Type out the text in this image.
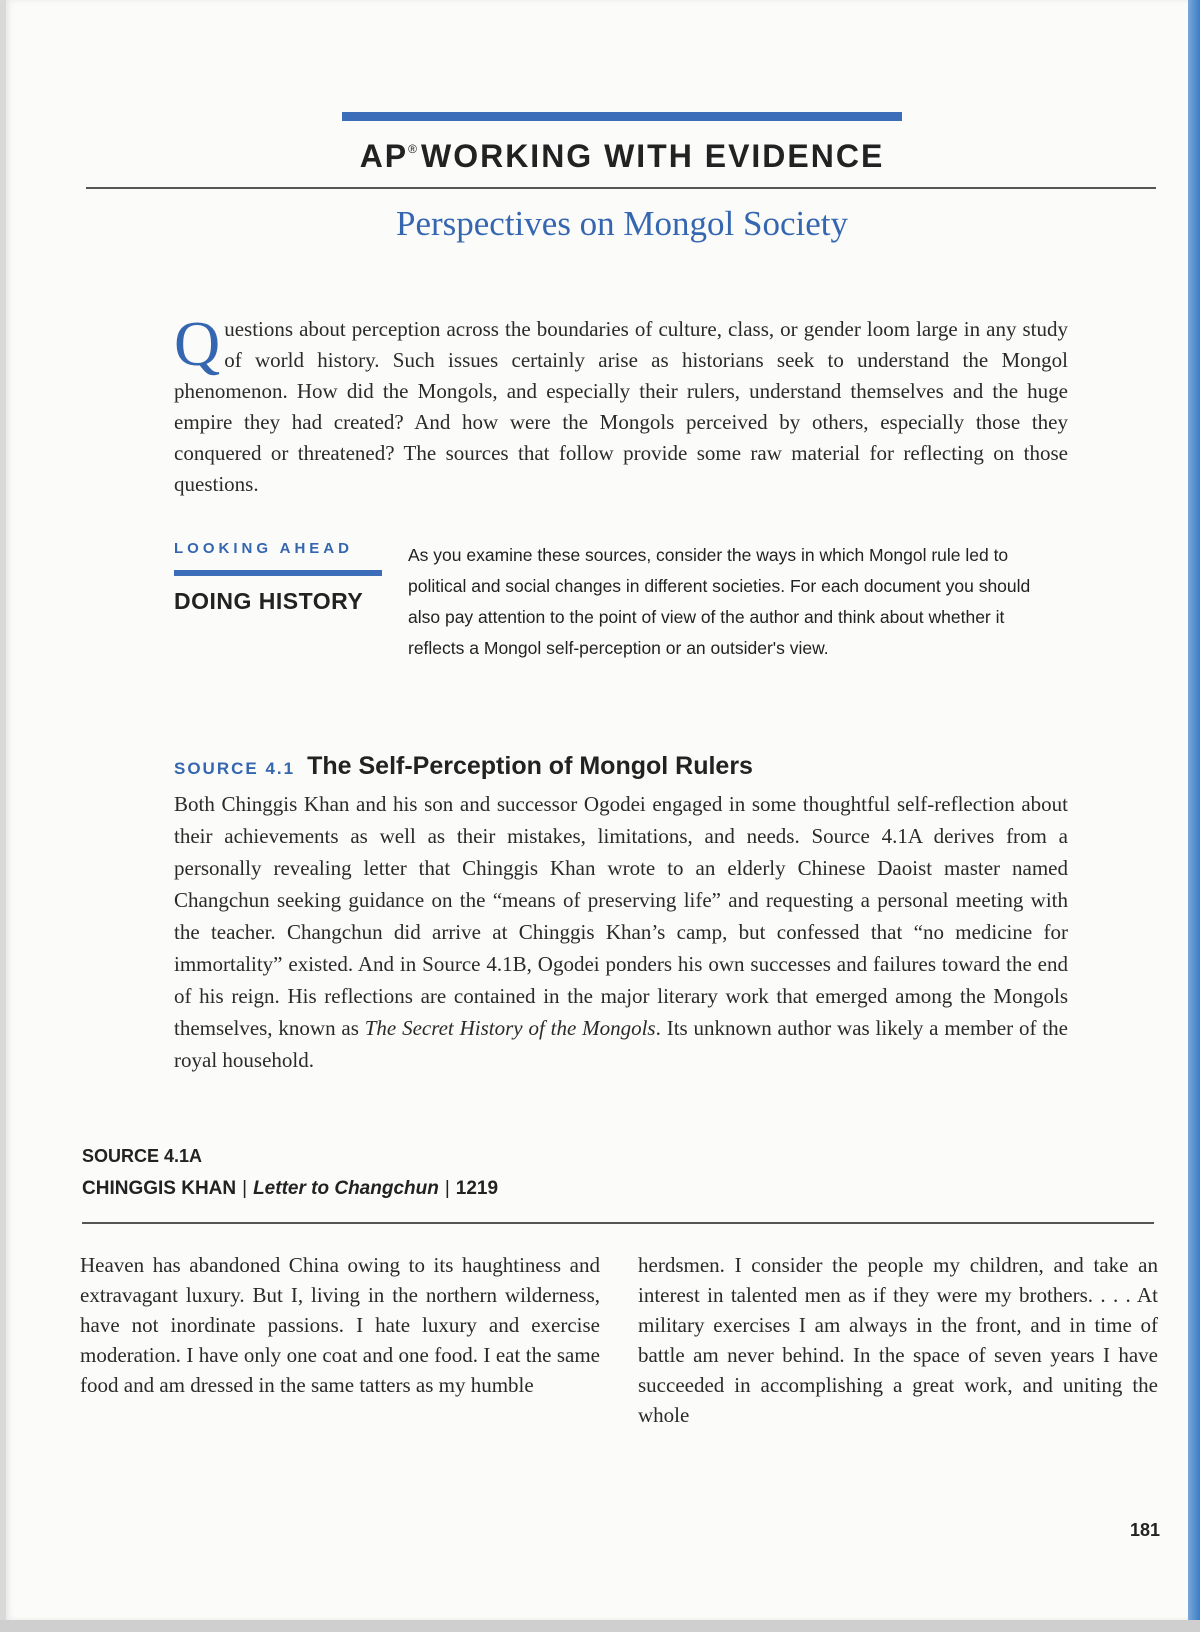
AP® WORKING WITH EVIDENCE
Perspectives on Mongol Society
Questions about perception across the boundaries of culture, class, or gender loom large in any study of world history. Such issues certainly arise as historians seek to understand the Mongol phenomenon. How did the Mongols, and especially their rulers, understand themselves and the huge empire they had created? And how were the Mongols perceived by others, especially those they conquered or threatened? The sources that follow provide some raw material for reflecting on those questions.
LOOKING AHEAD
DOING HISTORY
As you examine these sources, consider the ways in which Mongol rule led to political and social changes in different societies. For each document you should also pay attention to the point of view of the author and think about whether it reflects a Mongol self-perception or an outsider's view.
SOURCE 4.1 The Self-Perception of Mongol Rulers
Both Chinggis Khan and his son and successor Ogodei engaged in some thoughtful self-reflection about their achievements as well as their mistakes, limitations, and needs. Source 4.1A derives from a personally revealing letter that Chinggis Khan wrote to an elderly Chinese Daoist master named Changchun seeking guidance on the “means of preserving life” and requesting a personal meeting with the teacher. Changchun did arrive at Chinggis Khan’s camp, but confessed that “no medicine for immortality” existed. And in Source 4.1B, Ogodei ponders his own successes and failures toward the end of his reign. His reflections are contained in the major literary work that emerged among the Mongols themselves, known as The Secret History of the Mongols. Its unknown author was likely a member of the royal household.
SOURCE 4.1A
CHINGGIS KHAN | Letter to Changchun | 1219
Heaven has abandoned China owing to its haughtiness and extravagant luxury. But I, living in the northern wilderness, have not inordinate passions. I hate luxury and exercise moderation. I have only one coat and one food. I eat the same food and am dressed in the same tatters as my humble
herdsmen. I consider the people my children, and take an interest in talented men as if they were my brothers. . . . At military exercises I am always in the front, and in time of battle am never behind. In the space of seven years I have succeeded in accomplishing a great work, and uniting the whole
181
